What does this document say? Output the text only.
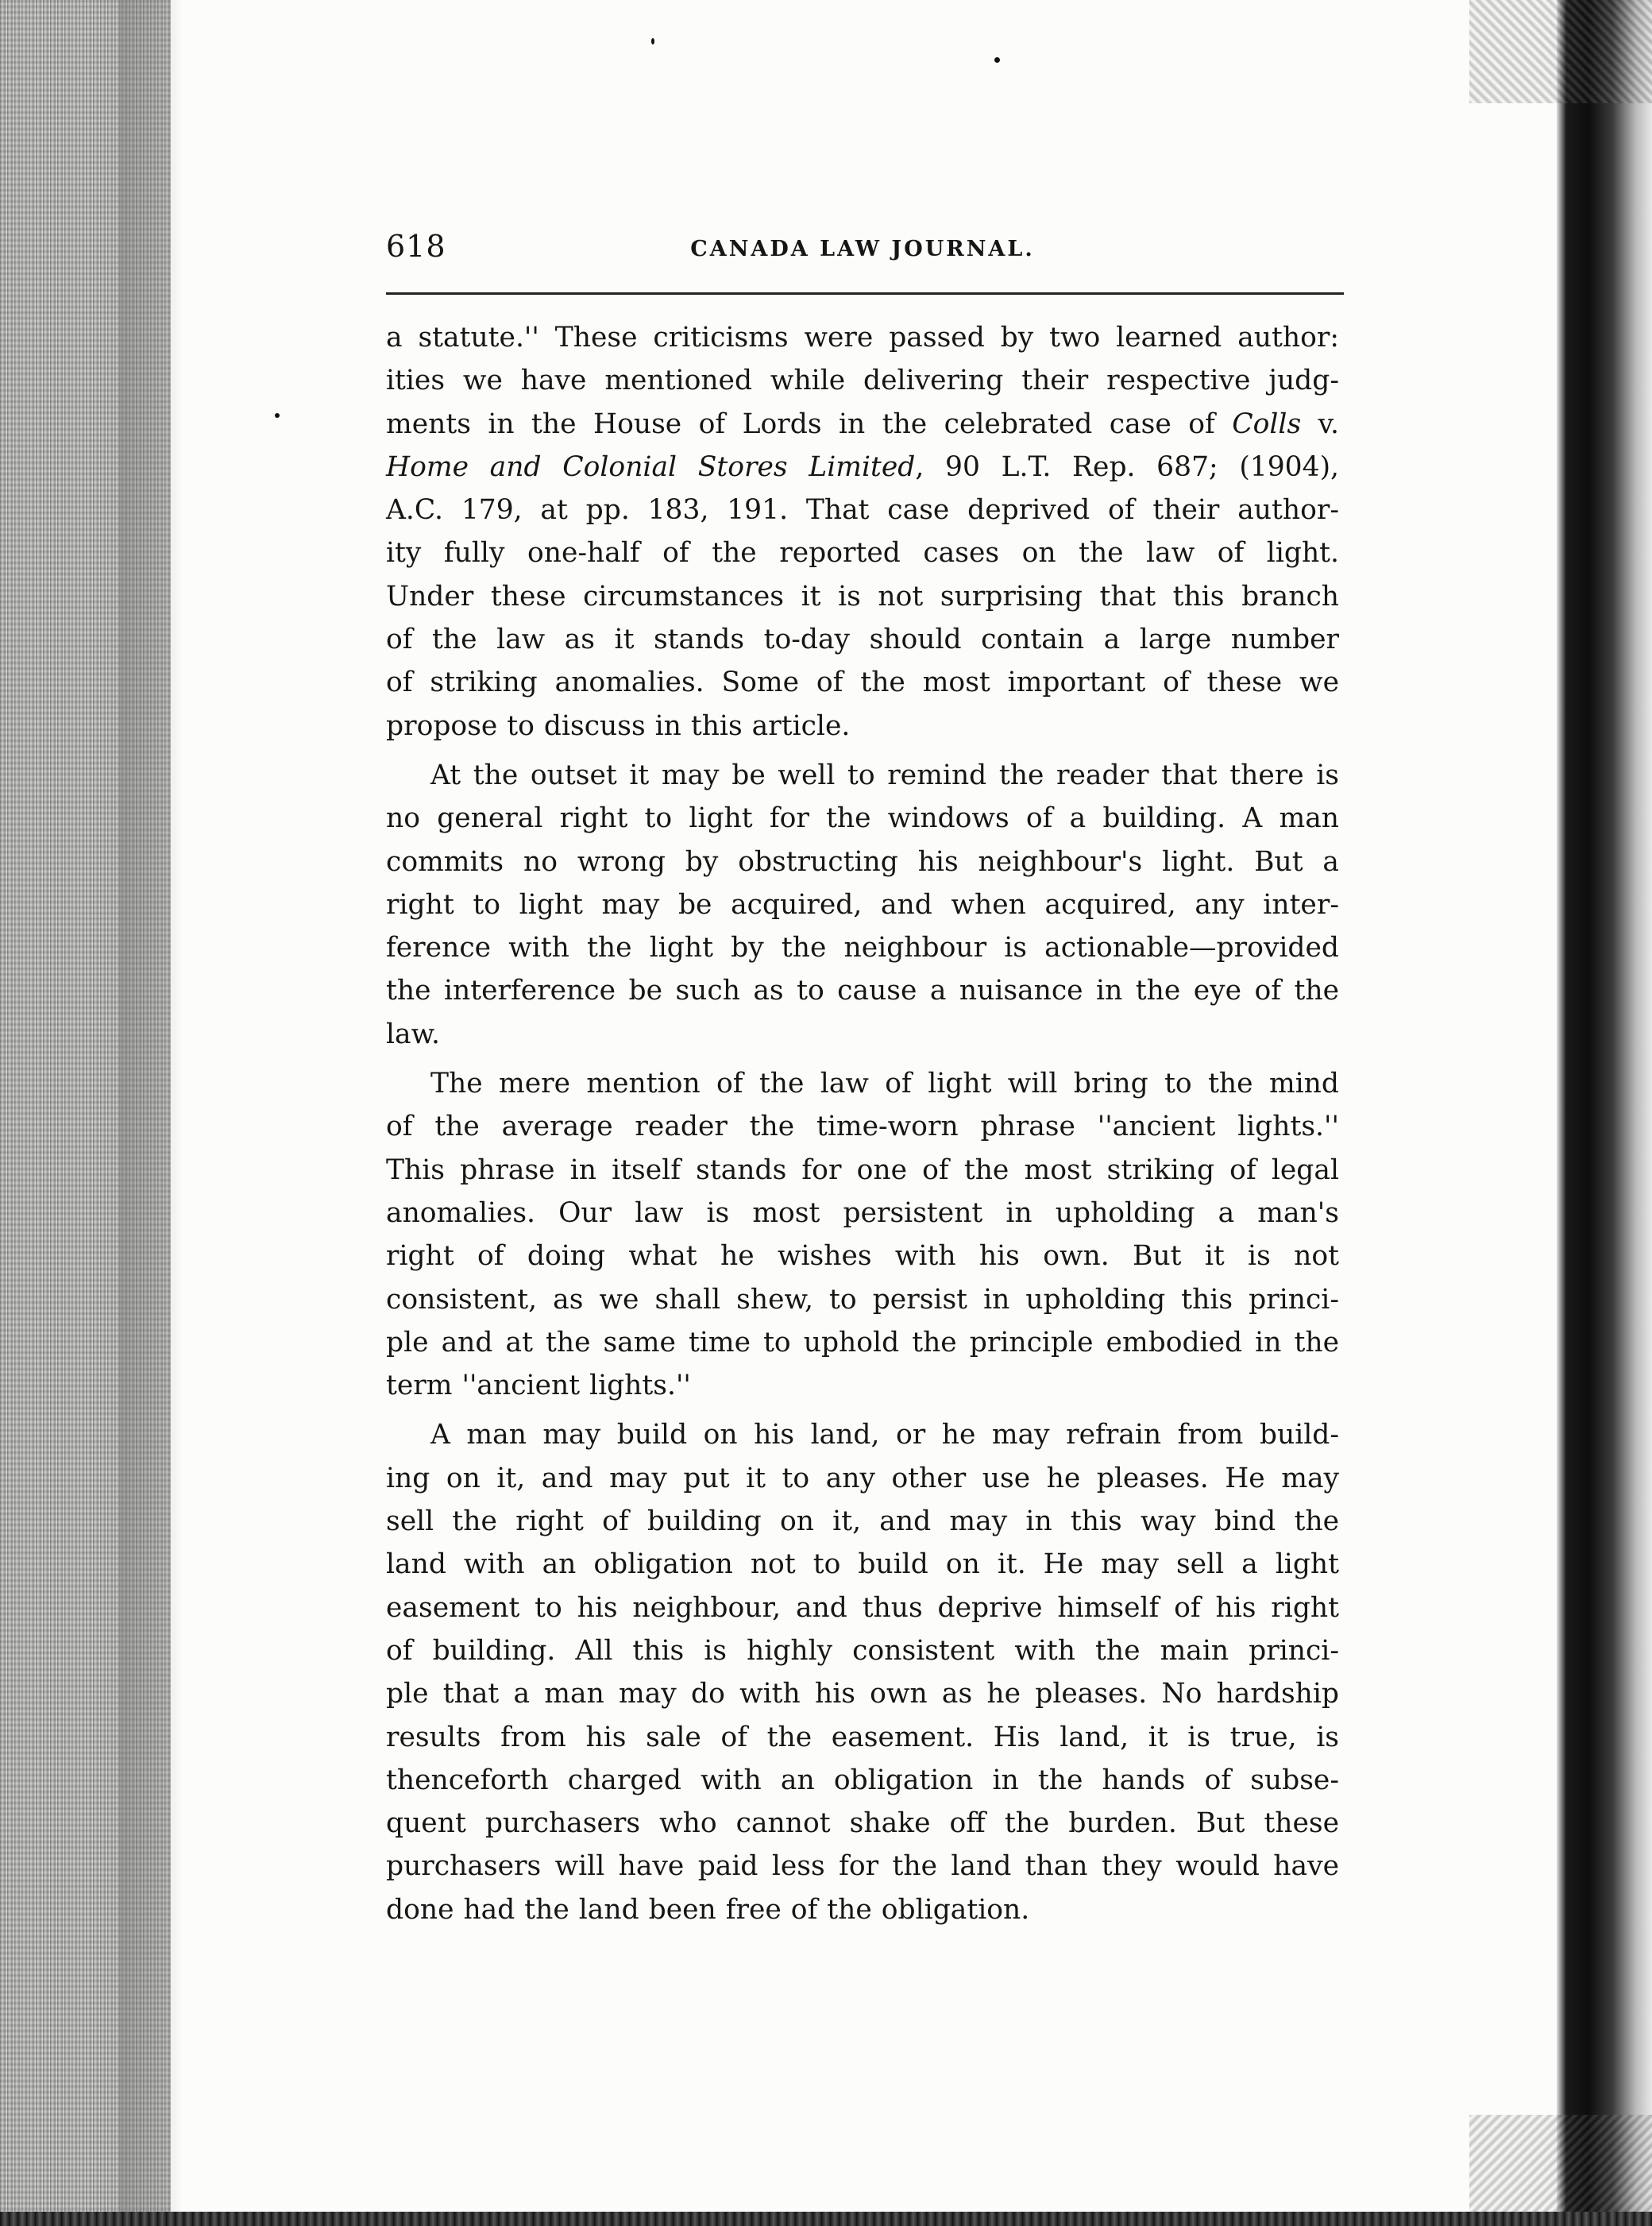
618	CANADA LAW JOURNAL.
a statute.'' These criticisms were passed by two learned author:
ities we have mentioned while delivering their respective judg-
ments in the House of Lords in the celebrated case of Colls v.
Home and Colonial Stores Limited, 90 L.T. Rep. 687; (1904),
A.C. 179, at pp. 183, 191. That case deprived of their author-
ity fully one-half of the reported cases on the law of light.
Under these circumstances it is not surprising that this branch
of the law as it stands to-day should contain a large number
of striking anomalies. Some of the most important of these we
propose to discuss in this article.
At the outset it may be well to remind the reader that there is
no general right to light for the windows of a building. A man
commits no wrong by obstructing his neighbour's light. But a
right to light may be acquired, and when acquired, any inter-
ference with the light by the neighbour is actionable—provided
the interference be such as to cause a nuisance in the eye of the
law.
The mere mention of the law of light will bring to the mind
of the average reader the time-worn phrase ''ancient lights.''
This phrase in itself stands for one of the most striking of legal
anomalies. Our law is most persistent in upholding a man's
right of doing what he wishes with his own. But it is not
consistent, as we shall shew, to persist in upholding this princi-
ple and at the same time to uphold the principle embodied in the
term ''ancient lights.''
A man may build on his land, or he may refrain from build-
ing on it, and may put it to any other use he pleases. He may
sell the right of building on it, and may in this way bind the
land with an obligation not to build on it. He may sell a light
easement to his neighbour, and thus deprive himself of his right
of building. All this is highly consistent with the main princi-
ple that a man may do with his own as he pleases. No hardship
results from his sale of the easement. His land, it is true, is
thenceforth charged with an obligation in the hands of subse-
quent purchasers who cannot shake off the burden. But these
purchasers will have paid less for the land than they would have
done had the land been free of the obligation.
